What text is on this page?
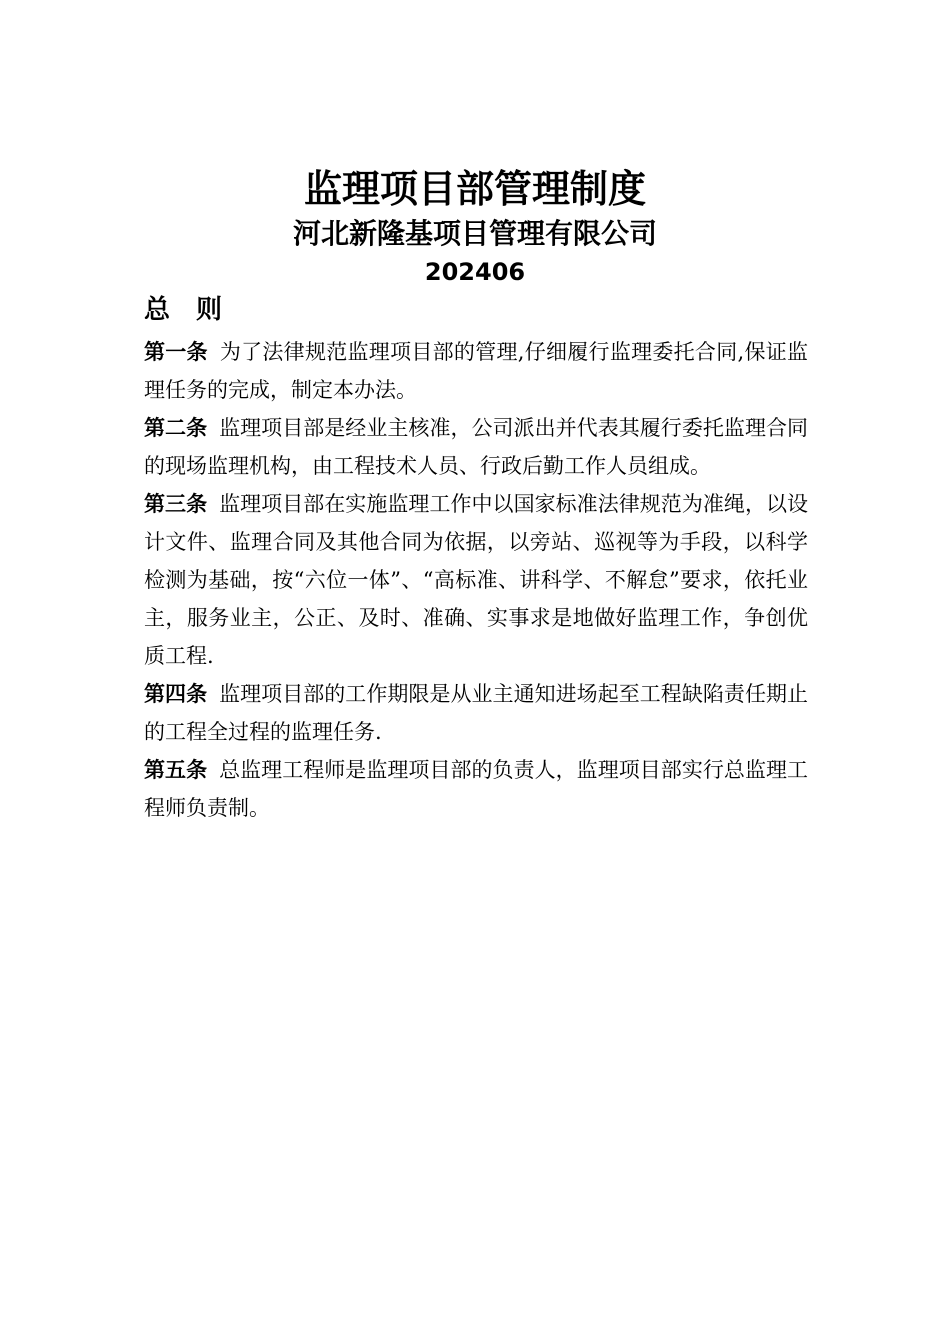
监理项目部管理制度
河北新隆基项目管理有限公司
202406
总则

第一条 为了法律规范监理项目部的管理,仔细履行监理委托合同,保证监理任务的完成，制定本办法。

第二条 监理项目部是经业主核准，公司派出并代表其履行委托监理合同的现场监理机构，由工程技术人员、行政后勤工作人员组成。

第三条 监理项目部在实施监理工作中以国家标准法律规范为准绳，以设计文件、监理合同及其他合同为依据，以旁站、巡视等为手段，以科学检测为基础，按“六位一体”、“高标准、讲科学、不解怠”要求，依托业主，服务业主，公正、及时、准确、实事求是地做好监理工作，争创优质工程.

第四条 监理项目部的工作期限是从业主通知进场起至工程缺陷责任期止的工程全过程的监理任务.

第五条 总监理工程师是监理项目部的负责人，监理项目部实行总监理工程师负责制。
